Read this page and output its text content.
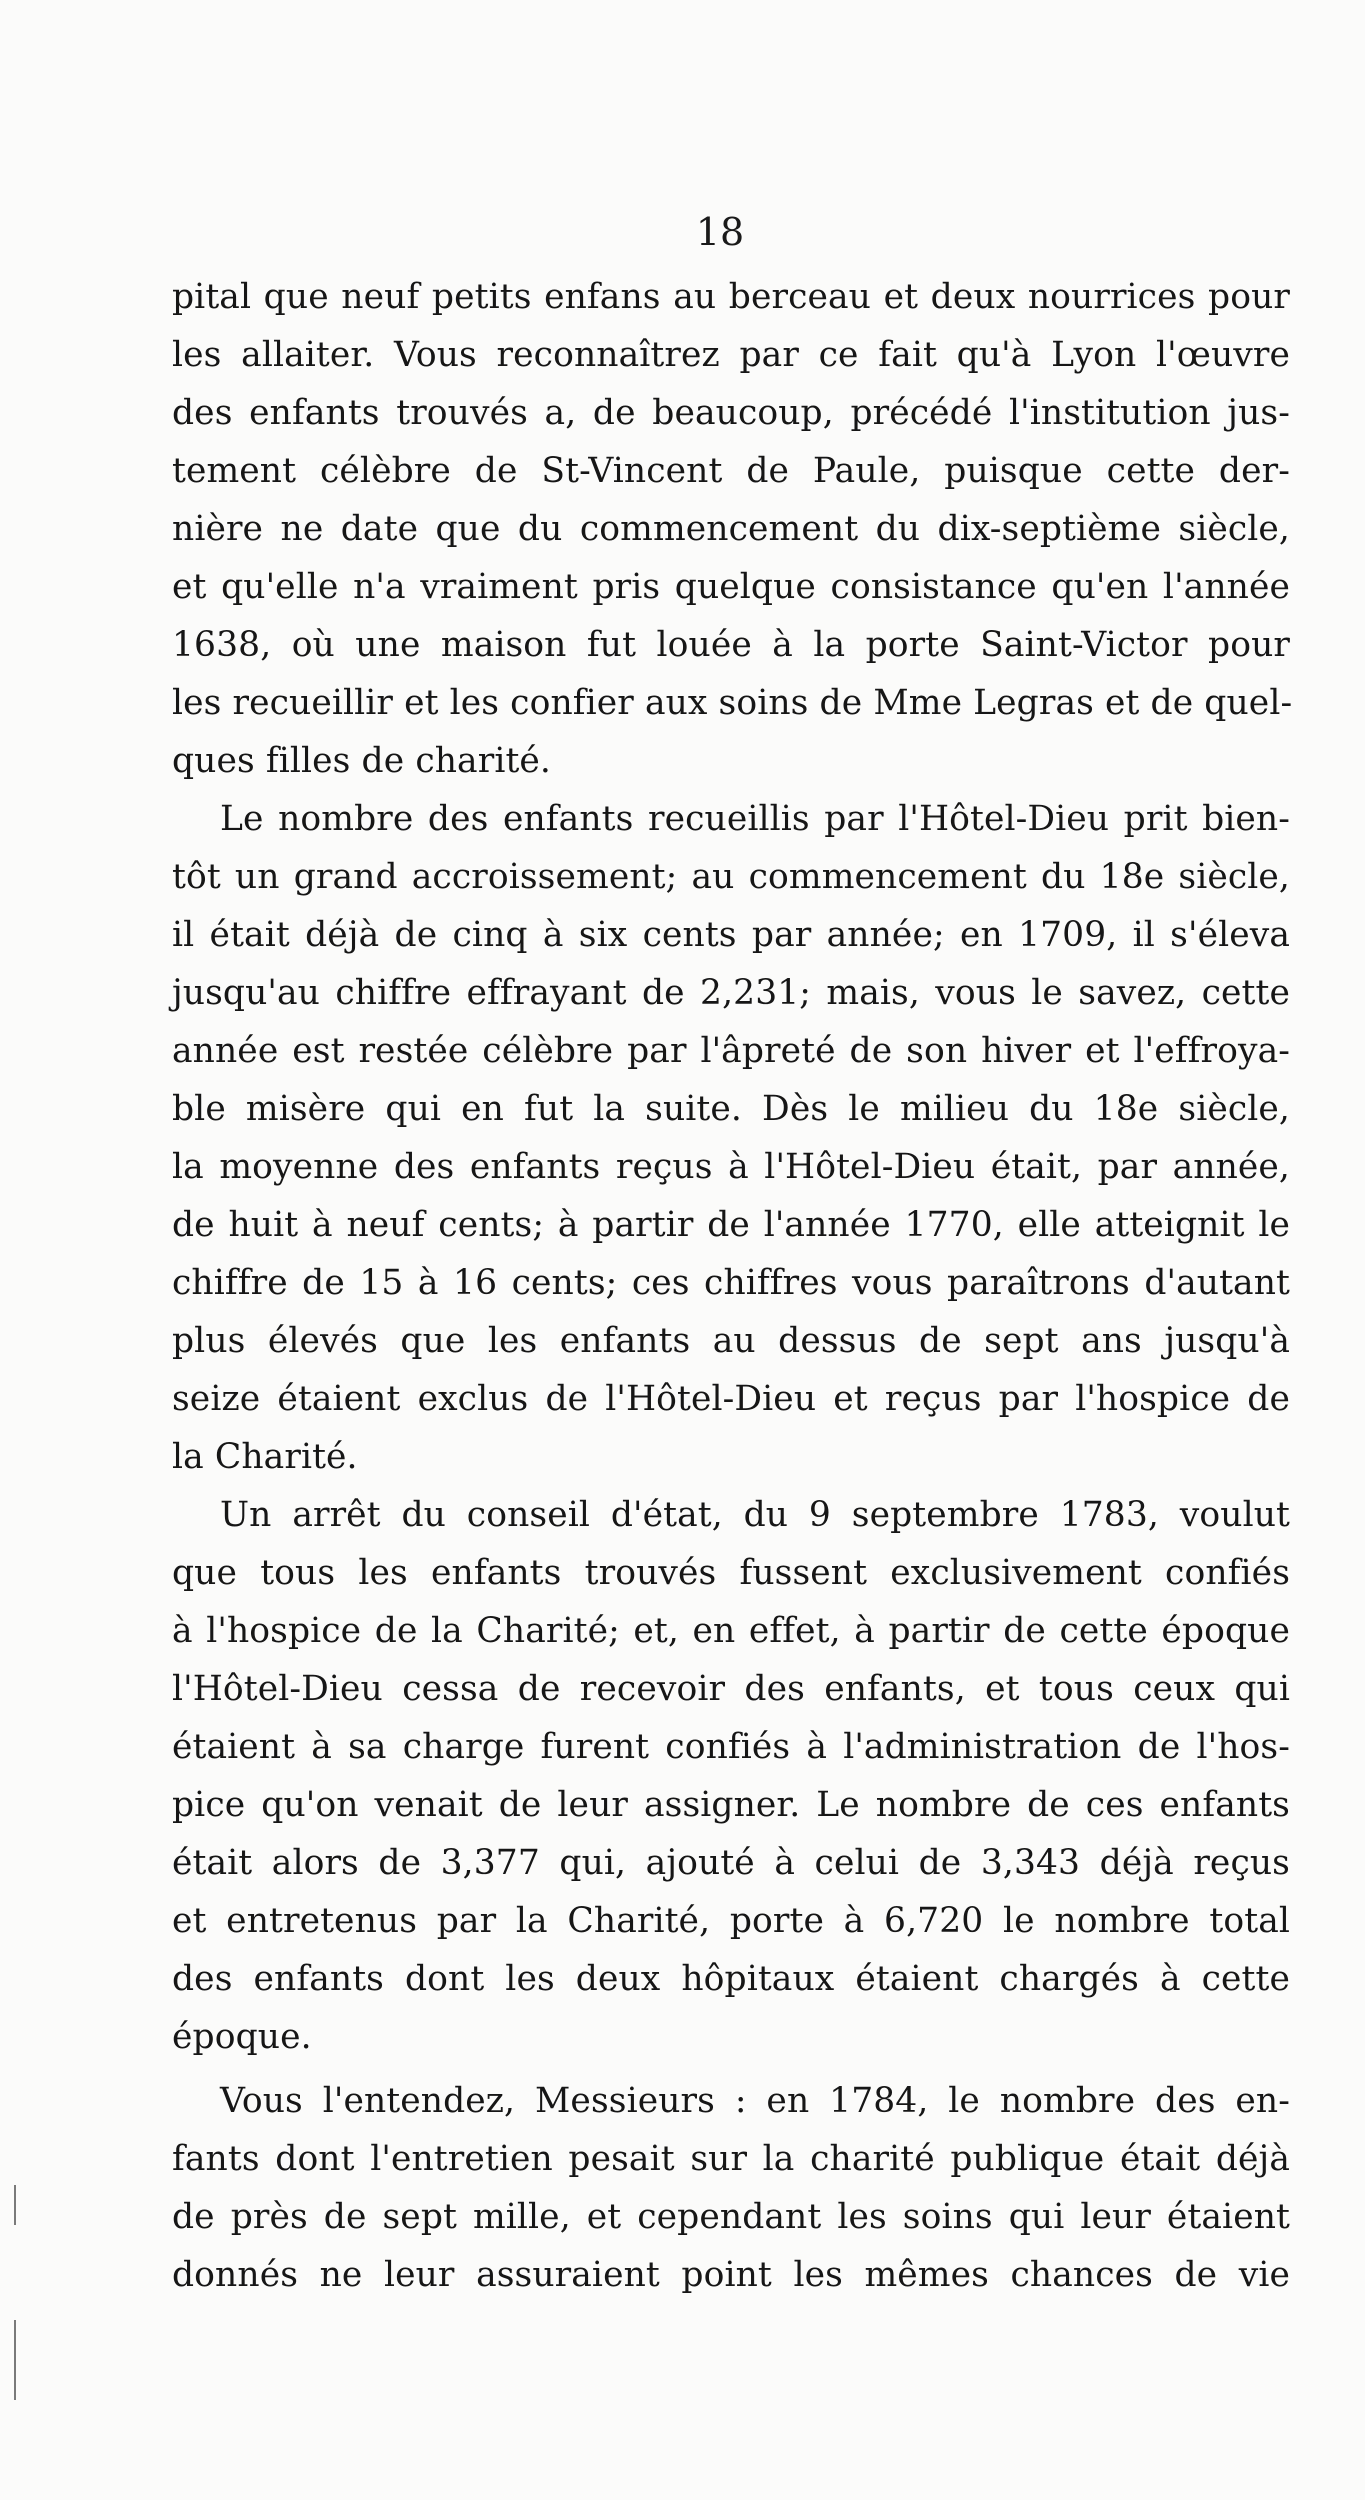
18
pital que neuf petits enfans au berceau et deux nourrices pour
les allaiter. Vous reconnaîtrez par ce fait qu'à Lyon l'œuvre
des enfants trouvés a, de beaucoup, précédé l'institution jus-
tement célèbre de St-Vincent de Paule, puisque cette der-
nière ne date que du commencement du dix-septième siècle,
et qu'elle n'a vraiment pris quelque consistance qu'en l'année
1638, où une maison fut louée à la porte Saint-Victor pour
les recueillir et les confier aux soins de Mme Legras et de quel-
ques filles de charité.
Le nombre des enfants recueillis par l'Hôtel-Dieu prit bien-
tôt un grand accroissement; au commencement du 18e siècle,
il était déjà de cinq à six cents par année; en 1709, il s'éleva
jusqu'au chiffre effrayant de 2,231; mais, vous le savez, cette
année est restée célèbre par l'âpreté de son hiver et l'effroya-
ble misère qui en fut la suite. Dès le milieu du 18e siècle,
la moyenne des enfants reçus à l'Hôtel-Dieu était, par année,
de huit à neuf cents; à partir de l'année 1770, elle atteignit le
chiffre de 15 à 16 cents; ces chiffres vous paraîtrons d'autant
plus élevés que les enfants au dessus de sept ans jusqu'à
seize étaient exclus de l'Hôtel-Dieu et reçus par l'hospice de
la Charité.
Un arrêt du conseil d'état, du 9 septembre 1783, voulut
que tous les enfants trouvés fussent exclusivement confiés
à l'hospice de la Charité; et, en effet, à partir de cette époque
l'Hôtel-Dieu cessa de recevoir des enfants, et tous ceux qui
étaient à sa charge furent confiés à l'administration de l'hos-
pice qu'on venait de leur assigner. Le nombre de ces enfants
était alors de 3,377 qui, ajouté à celui de 3,343 déjà reçus
et entretenus par la Charité, porte à 6,720 le nombre total
des enfants dont les deux hôpitaux étaient chargés à cette
époque.
Vous l'entendez, Messieurs : en 1784, le nombre des en-
fants dont l'entretien pesait sur la charité publique était déjà
de près de sept mille, et cependant les soins qui leur étaient
donnés ne leur assuraient point les mêmes chances de vie
